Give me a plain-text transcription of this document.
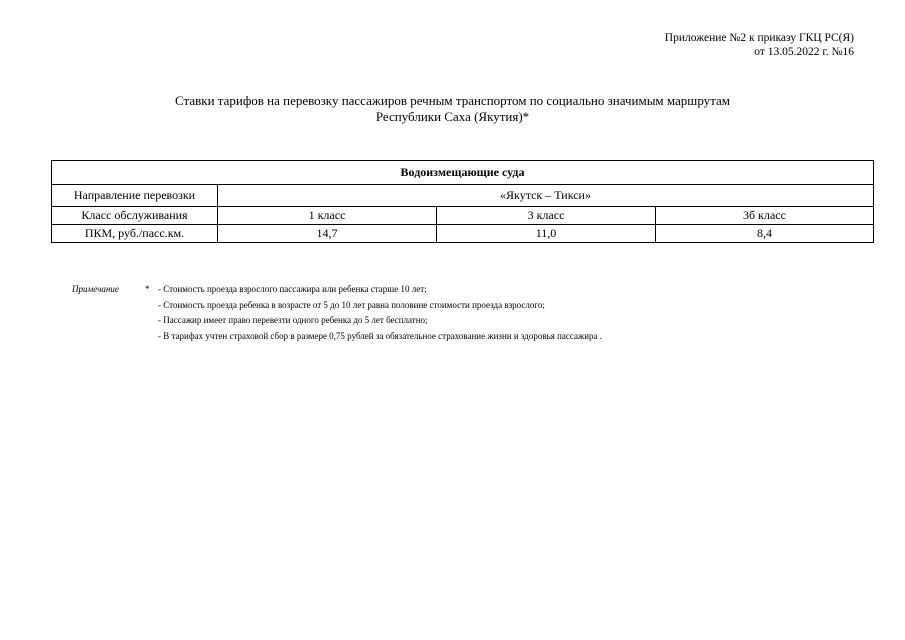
Приложение №2 к приказу ГКЦ РС(Я)
от 13.05.2022 г. №16
Ставки тарифов на перевозку пассажиров речным транспортом по социально значимым маршрутам
Республики Саха (Якутия)*
Водоизмещающие суда			
Направление перевозки	«Якутск – Тикси»		
Класс обслуживания	1 класс	3 класс	3б класс
ПКМ, руб./пасс.км.	14,7	11,0	8,4
Примечание	* - Стоимость проезда взрослого пассажира или ребенка старше 10 лет;
- Стоимость проезда ребенка в возрасте от 5 до 10 лет равна половине стоимости проезда взрослого;
- Пассажир имеет право перевезти одного ребенка до 5 лет бесплатно;
- В тарифах учтен страховой сбор в размере 0,75 рублей за обязательное страхование жизни и здоровья пассажира .
